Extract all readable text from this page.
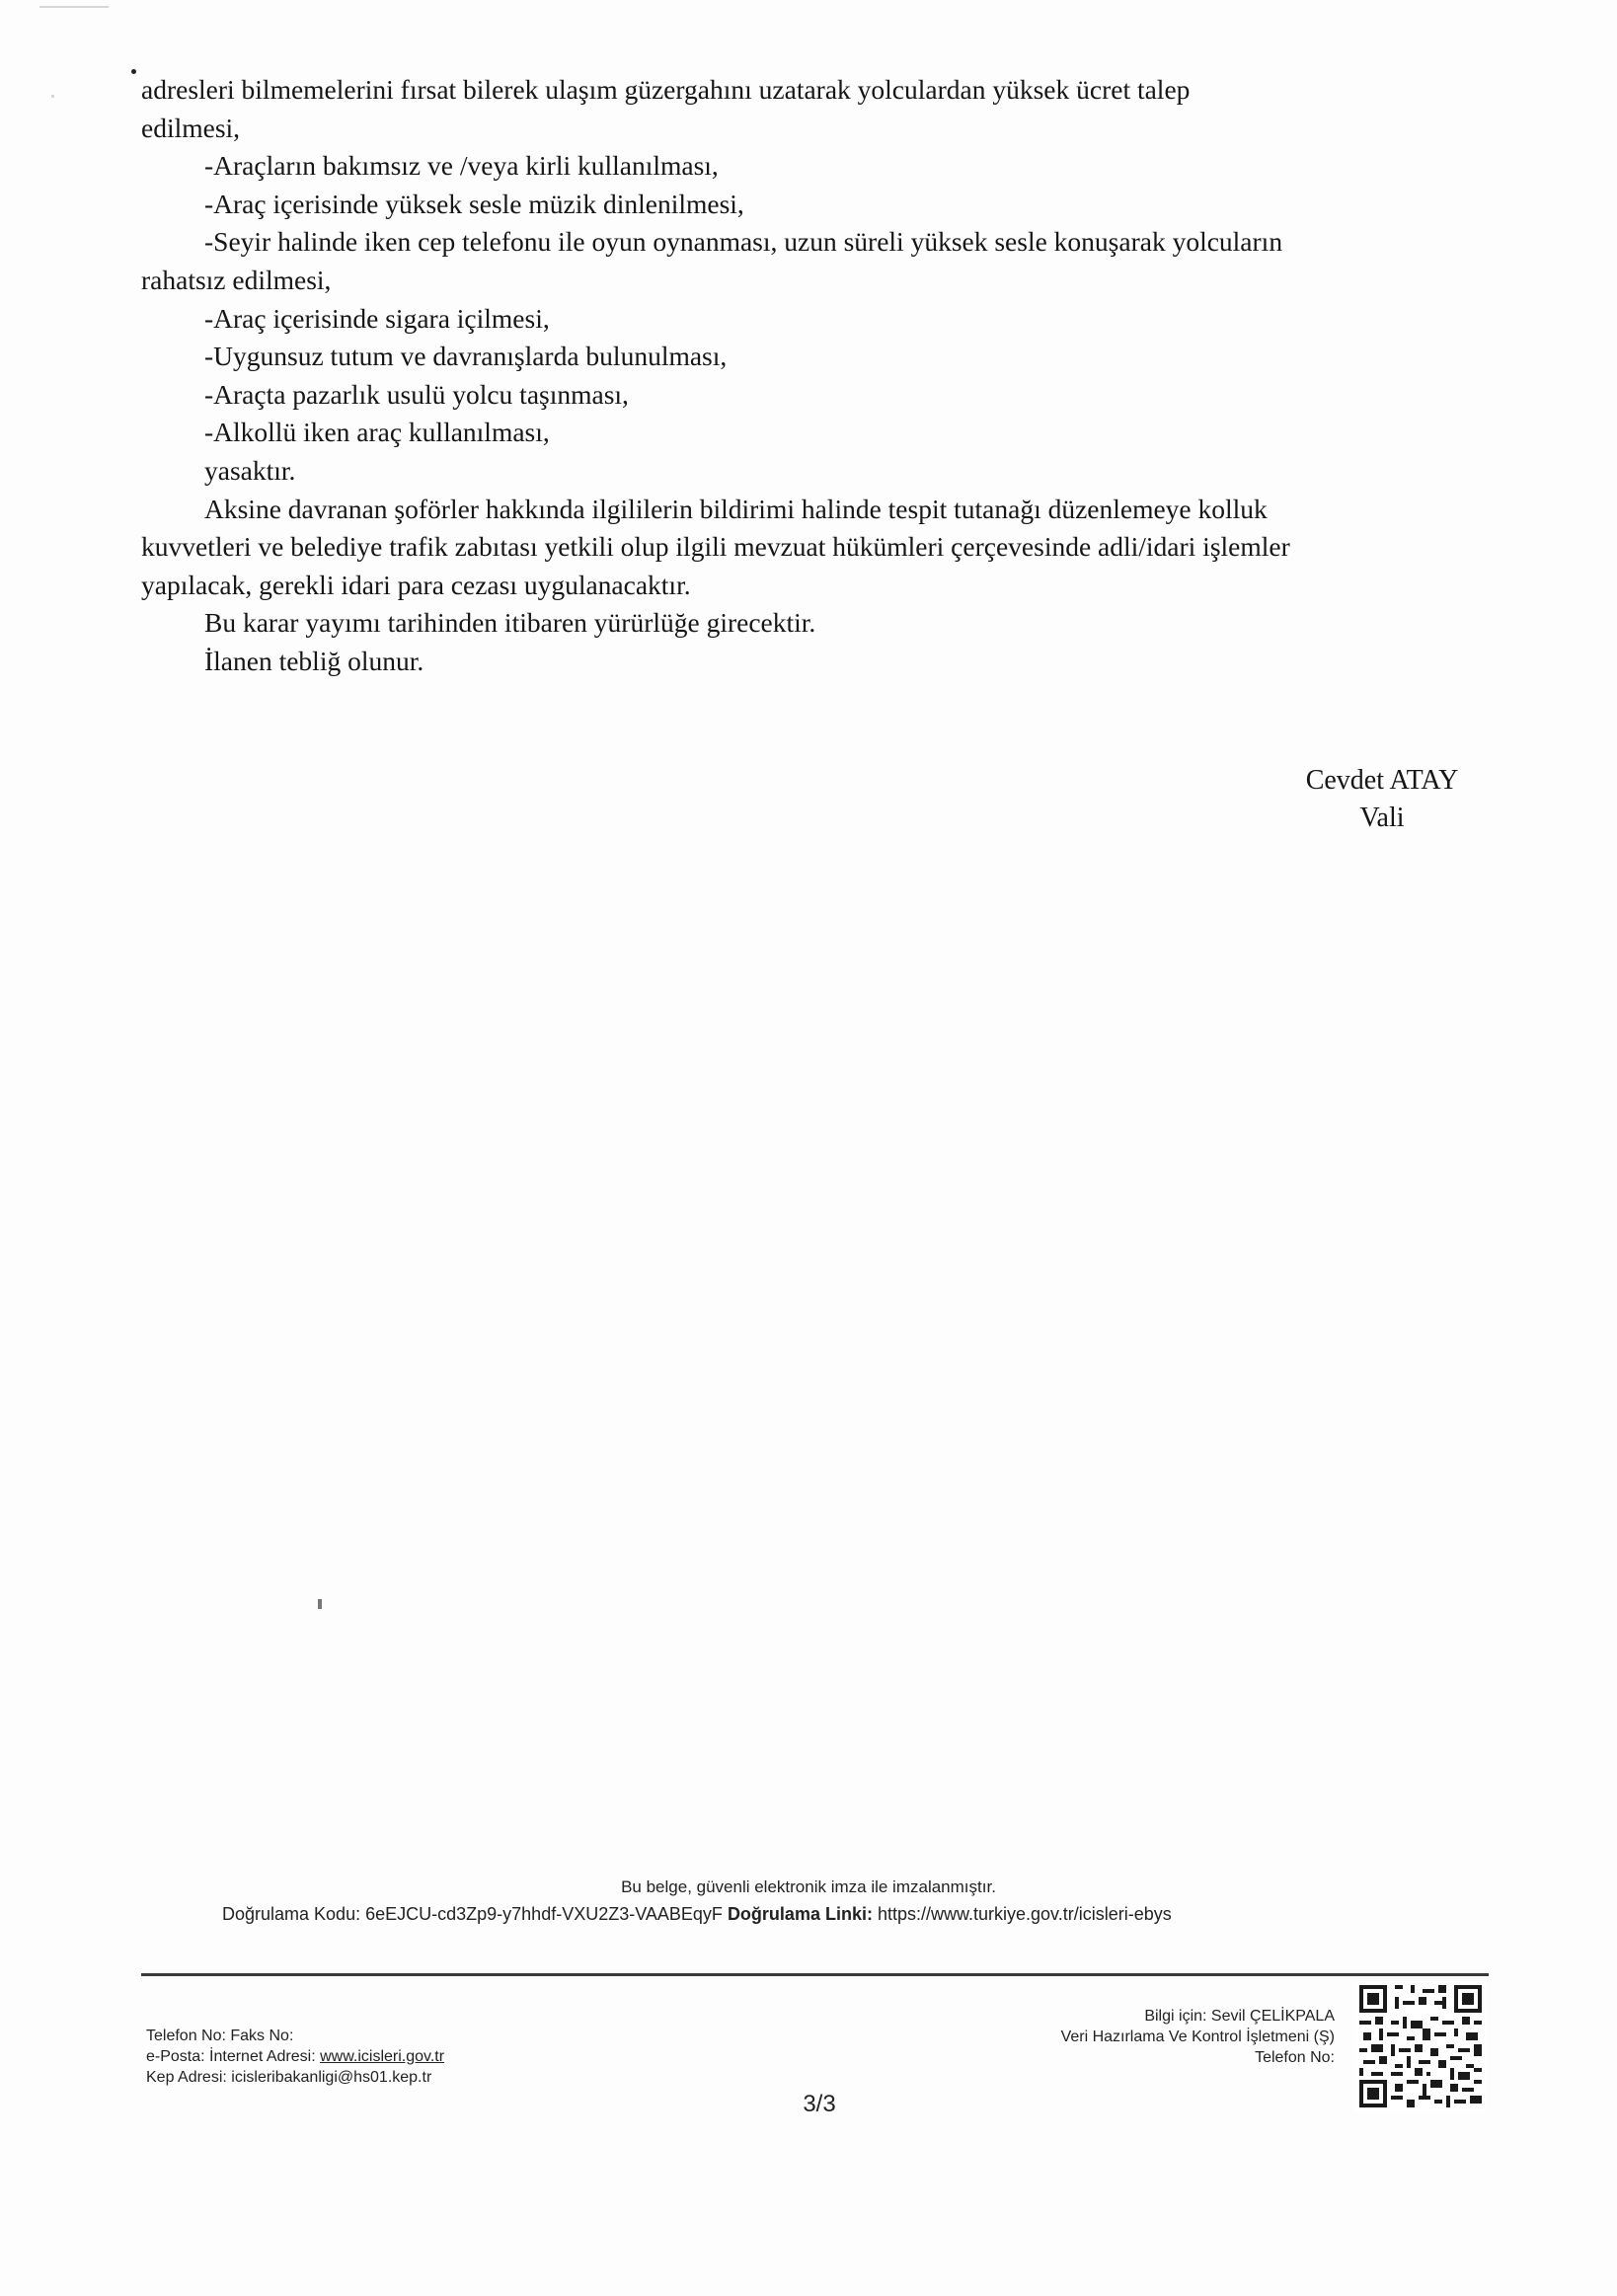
adresleri bilmemelerini fırsat bilerek ulaşım güzergahını uzatarak yolculardan yüksek ücret talep

edilmesi,

-Araçların bakımsız ve /veya kirli kullanılması,

-Araç içerisinde yüksek sesle müzik dinlenilmesi,

-Seyir halinde iken cep telefonu ile oyun oynanması, uzun süreli yüksek sesle konuşarak yolcuların

rahatsız edilmesi,

-Araç içerisinde sigara içilmesi,

-Uygunsuz tutum ve davranışlarda bulunulması,

-Araçta pazarlık usulü yolcu taşınması,

-Alkollü iken araç kullanılması,

yasaktır.

Aksine davranan şoförler hakkında ilgililerin bildirimi halinde tespit tutanağı düzenlemeye kolluk

kuvvetleri ve belediye trafik zabıtası yetkili olup ilgili mevzuat hükümleri çerçevesinde adli/idari işlemler

yapılacak, gerekli idari para cezası uygulanacaktır.

Bu karar yayımı tarihinden itibaren yürürlüğe girecektir.

İlanen tebliğ olunur.

Cevdet ATAY
Vali
Bu belge, güvenli elektronik imza ile imzalanmıştır.
Doğrulama Kodu: 6eEJCU-cd3Zp9-y7hhdf-VXU2Z3-VAABEqyF Doğrulama Linki: https://www.turkiye.gov.tr/icisleri-ebys
Telefon No: Faks No:
e-Posta: İnternet Adresi: www.icisleri.gov.tr
Kep Adresi: icisleribakanligi@hs01.kep.tr
3/3
Bilgi için: Sevil ÇELİKPALA
Veri Hazırlama Ve Kontrol İşletmeni (Ş)
Telefon No:
